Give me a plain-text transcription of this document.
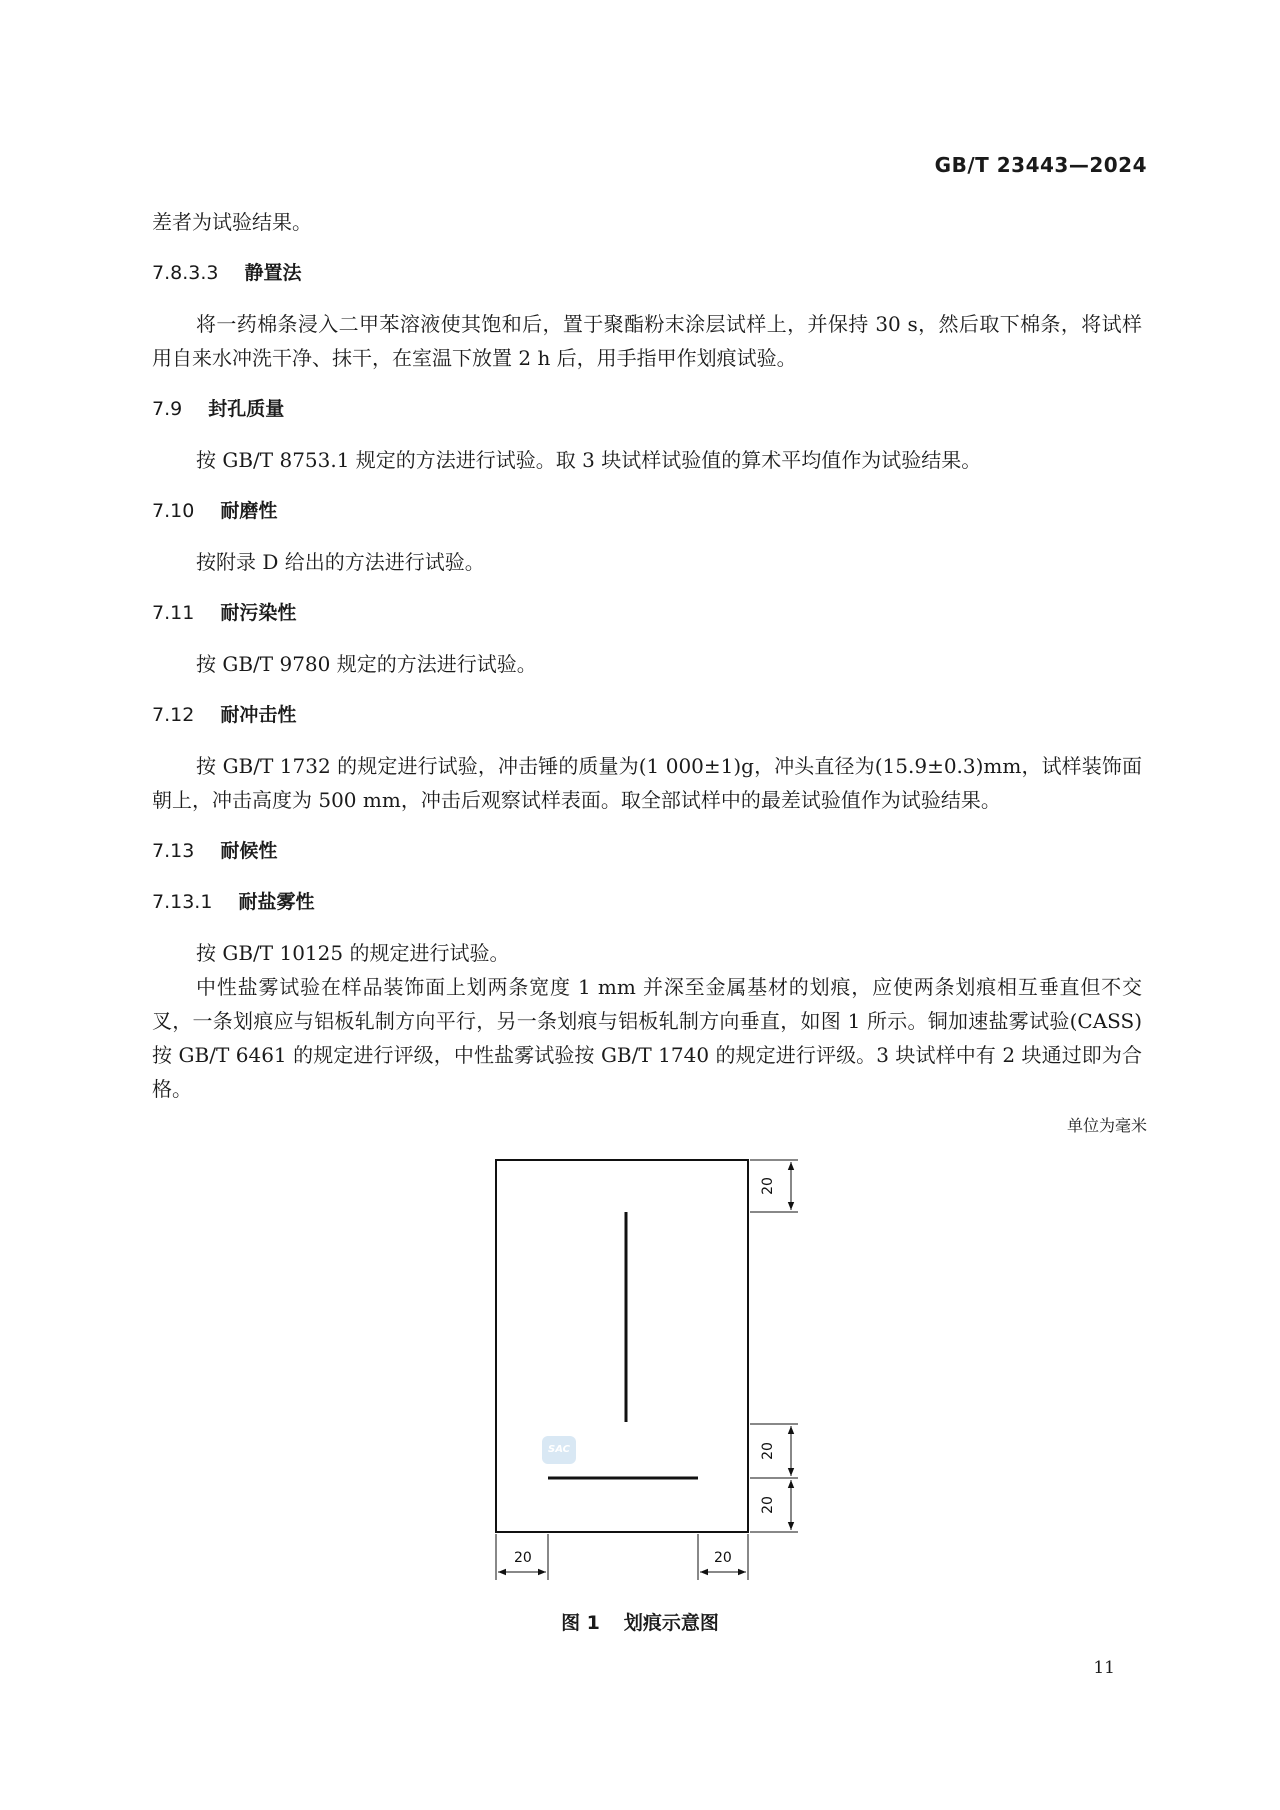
GB/T 23443—2024

差者为试验结果。

7.8.3.3 静置法

将一药棉条浸入二甲苯溶液使其饱和后，置于聚酯粉末涂层试样上，并保持 30 s，然后取下棉条，将试样用自来水冲洗干净、抹干，在室温下放置 2 h 后，用手指甲作划痕试验。

7.9 封孔质量

按 GB/T 8753.1 规定的方法进行试验。取 3 块试样试验值的算术平均值作为试验结果。

7.10 耐磨性

按附录 D 给出的方法进行试验。

7.11 耐污染性

按 GB/T 9780 规定的方法进行试验。

7.12 耐冲击性

按 GB/T 1732 的规定进行试验，冲击锤的质量为(1 000±1)g，冲头直径为(15.9±0.3)mm，试样装饰面朝上，冲击高度为 500 mm，冲击后观察试样表面。取全部试样中的最差试验值作为试验结果。

7.13 耐候性
7.13.1 耐盐雾性

按 GB/T 10125 的规定进行试验。

中性盐雾试验在样品装饰面上划两条宽度 1 mm 并深至金属基材的划痕，应使两条划痕相互垂直但不交叉，一条划痕应与铝板轧制方向平行，另一条划痕与铝板轧制方向垂直，如图 1 所示。铜加速盐雾试验(CASS)按 GB/T 6461 的规定进行评级，中性盐雾试验按 GB/T 1740 的规定进行评级。3 块试样中有 2 块通过即为合格。

单位为毫米
20
20
20
20	20
SAC
图 1 划痕示意图
11
